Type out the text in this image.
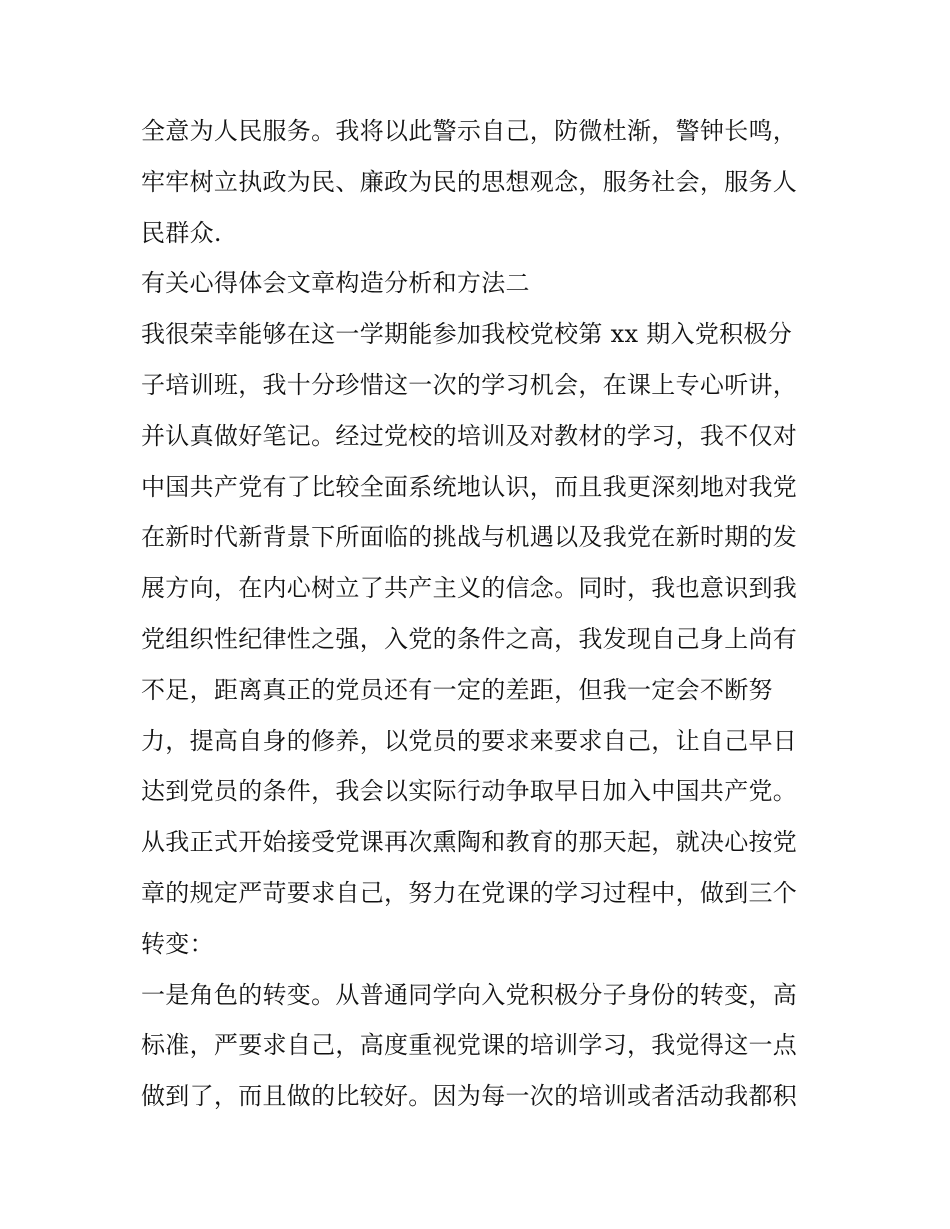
全意为人民服务。我将以此警示自己，防微杜渐，警钟长鸣，
牢牢树立执政为民、廉政为民的思想观念，服务社会，服务人
民群众.
有关心得体会文章构造分析和方法二
我很荣幸能够在这一学期能参加我校党校第 xx 期入党积极分
子培训班，我十分珍惜这一次的学习机会，在课上专心听讲，
并认真做好笔记。经过党校的培训及对教材的学习，我不仅对
中国共产党有了比较全面系统地认识，而且我更深刻地对我党
在新时代新背景下所面临的挑战与机遇以及我党在新时期的发
展方向，在内心树立了共产主义的信念。同时，我也意识到我
党组织性纪律性之强，入党的条件之高，我发现自己身上尚有
不足，距离真正的党员还有一定的差距，但我一定会不断努
力，提高自身的修养，以党员的要求来要求自己，让自己早日
达到党员的条件，我会以实际行动争取早日加入中国共产党。
从我正式开始接受党课再次熏陶和教育的那天起，就决心按党
章的规定严苛要求自己，努力在党课的学习过程中，做到三个
转变：
一是角色的转变。从普通同学向入党积极分子身份的转变，高
标准，严要求自己，高度重视党课的培训学习，我觉得这一点
做到了，而且做的比较好。因为每一次的培训或者活动我都积
